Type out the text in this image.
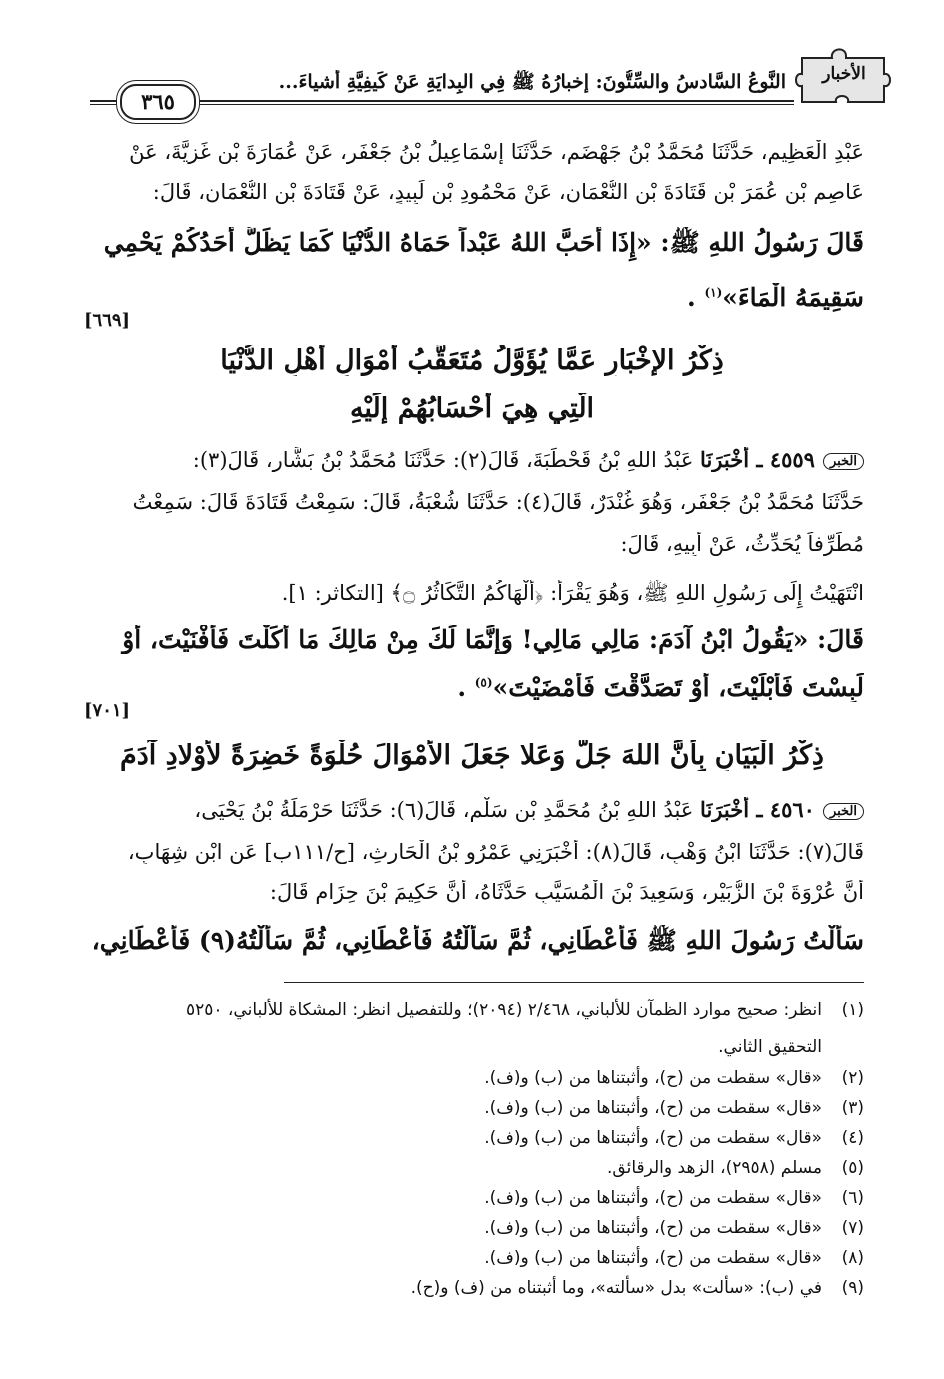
الأخبار
النَّوعُ السَّادسُ والسِّتُّونَ: إخبارُهُ ﷺ فِي البِدايَةِ عَنْ كَيفِيَّةِ أَشياءَ...
٣٦٥
عَبْدِ الْعَظِيمِ، حَدَّثَنَا مُحَمَّدُ بْنُ جَهْضَمٍ، حَدَّثَنَا إِسْمَاعِيلُ بْنُ جَعْفَرٍ، عَنْ عُمَارَةَ بْنِ غَزِيَّةَ، عَنْ
عَاصِمِ بْنِ عُمَرَ بْنِ قَتَادَةَ بْنِ النُّعْمَانِ، عَنْ مَحْمُودِ بْنِ لَبِيدٍ، عَنْ قَتَادَةَ بْنِ النُّعْمَانِ، قَالَ:
قَالَ رَسُولُ اللهِ ﷺ: «إِذَا أَحَبَّ اللهُ عَبْداً حَمَاهُ الدُّنْيَا كَمَا يَظَلُّ أَحَدُكُمْ يَحْمِي
سَقِيمَهُ الْمَاءَ»$^{(١)}$ .
[٦٦٩]
ذِكْرُ الإِخْبَارِ عَمَّا يُؤَوَّلُ مُتَعَقَّبُ أَمْوَالِ أَهْلِ الدُّنْيَا
الَّتِي هِيَ أَحْسَابُهُمْ إِلَيْهِ
الخبر٤٥٥٩ ـ أَخْبَرَنَا عَبْدُ اللهِ بْنُ قَحْطَبَةَ، قَالَ(٢): حَدَّثَنَا مُحَمَّدُ بْنُ بَشَّارٍ، قَالَ(٣):
حَدَّثَنَا مُحَمَّدُ بْنُ جَعْفَرٍ، وَهُوَ غُنْدَرٌ، قَالَ(٤): حَدَّثَنَا شُعْبَةُ، قَالَ: سَمِعْتُ قَتَادَةَ قَالَ: سَمِعْتُ
مُطَرِّفاً يُحَدِّثُ، عَنْ أَبِيهِ، قَالَ:
انْتَهَيْتُ إِلَى رَسُولِ اللهِ ﷺ، وَهُوَ يَقْرَأُ: ﴿أَلْهَاكُمُ التَّكَاثُرُ ۝﴾ [التكاثر: ١].
قَالَ: «يَقُولُ ابْنُ آدَمَ: مَالِي مَالِي! وَإِنَّمَا لَكَ مِنْ مَالِكَ مَا أَكَلْتَ فَأَفْنَيْتَ، أَوْ
لَبِسْتَ فَأَبْلَيْتَ، أَوْ تَصَدَّقْتَ فَأَمْضَيْتَ»$^{(٥)}$ .
[٧٠١]
ذِكْرُ الْبَيَانِ بِأَنَّ اللهَ جَلَّ وَعَلا جَعَلَ الأَمْوَالَ حُلْوَةً خَضِرَةً لأَوْلادِ آدَمَ
الخبر٤٥٦٠ ـ أَخْبَرَنَا عَبْدُ اللهِ بْنُ مُحَمَّدِ بْنِ سَلْمٍ، قَالَ(٦): حَدَّثَنَا حَرْمَلَةُ بْنُ يَحْيَى،
قَالَ(٧): حَدَّثَنَا ابْنُ وَهْبٍ، قَالَ(٨): أَخْبَرَنِي عَمْرُو بْنُ الْحَارِثِ، [ح/١١١ب] عَنِ ابْنِ شِهَابٍ،
أَنَّ عُرْوَةَ بْنَ الزُّبَيْرِ، وَسَعِيدَ بْنَ الْمُسَيَّبِ حَدَّثَاهُ، أَنَّ حَكِيمَ بْنَ حِزَامٍ قَالَ:
سَأَلْتُ رَسُولَ اللهِ ﷺ فَأَعْطَانِي، ثُمَّ سَأَلْتُهُ فَأَعْطَانِي، ثُمَّ سَأَلْتُهُ(٩) فَأَعْطَانِي،
(١)انظر: صحيح موارد الظمآن للألباني، ٢/٤٦٨ (٢٠٩٤)؛ وللتفصيل انظر: المشكاة للألباني، ٥٢٥٠
التحقيق الثاني.
(٢)«قال» سقطت من (ح)، وأثبتناها من (ب) و(ف).
(٣)«قال» سقطت من (ح)، وأثبتناها من (ب) و(ف).
(٤)«قال» سقطت من (ح)، وأثبتناها من (ب) و(ف).
(٥)مسلم (٢٩٥٨)، الزهد والرقائق.
(٦)«قال» سقطت من (ح)، وأثبتناها من (ب) و(ف).
(٧)«قال» سقطت من (ح)، وأثبتناها من (ب) و(ف).
(٨)«قال» سقطت من (ح)، وأثبتناها من (ب) و(ف).
(٩)في (ب): «سألت» بدل «سألته»، وما أثبتناه من (ف) و(ح).
